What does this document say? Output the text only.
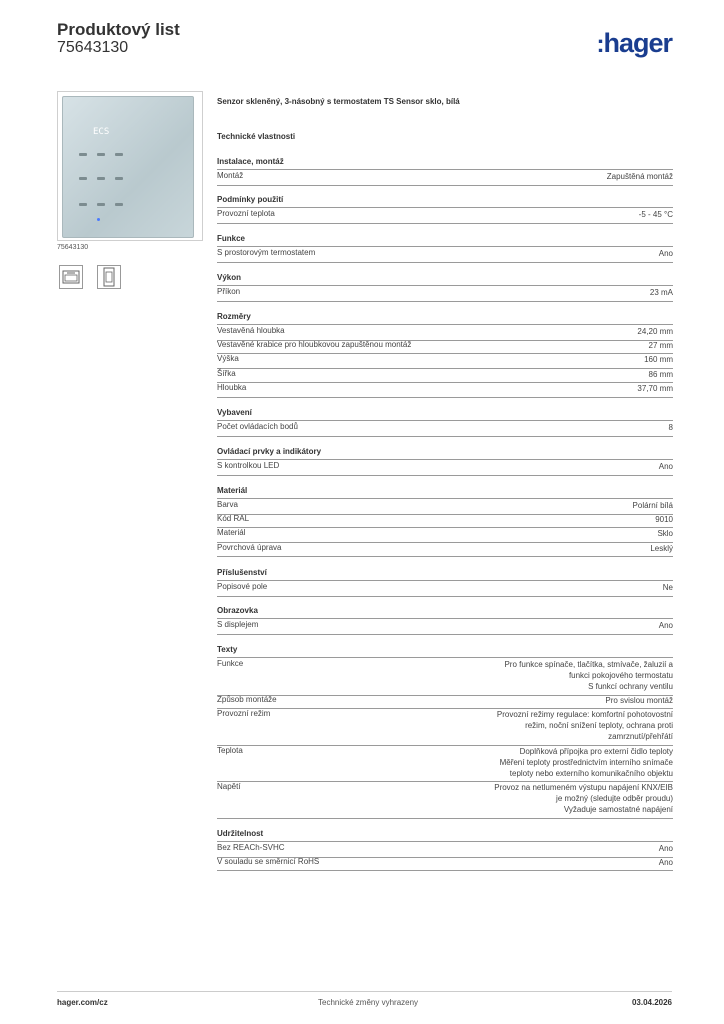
Produktový list
75643130	:hager
ECS
75643130
Senzor skleněný, 3-násobný s termostatem TS Sensor sklo, bílá
Technické vlastnosti
Instalace, montáž
Montáž	Zapuštěná montáž
Podmínky použití
Provozní teplota	-5 - 45 °C
Funkce
S prostorovým termostatem	Ano
Výkon
Příkon	23 mA
Rozměry
Vestavěná hloubka	24,20 mm
Vestavěné krabice pro hloubkovou zapuštěnou montáž	27 mm
Výška	160 mm
Šířka	86 mm
Hloubka	37,70 mm
Vybavení
Počet ovládacích bodů	8
Ovládací prvky a indikátory
S kontrolkou LED	Ano
Materiál
Barva	Polární bílá
Kód RAL	9010
Materiál	Sklo
Povrchová úprava	Lesklý
Příslušenství
Popisové pole	Ne
Obrazovka
S displejem	Ano
Texty
Funkce	Pro funkce spínače, tlačítka, stmívače, žaluzií a
funkci pokojového termostatu
S funkcí ochrany ventilu
Způsob montáže	Pro svislou montáž
Provozní režim	Provozní režimy regulace: komfortní pohotovostní
režim, noční snížení teploty, ochrana proti
zamrznutí/přehřátí
Teplota	Doplňková přípojka pro externí čidlo teploty
Měření teploty prostřednictvím interního snímače
teploty nebo externího komunikačního objektu
Napětí	Provoz na netlumeném výstupu napájení KNX/EIB
je možný (sledujte odběr proudu)
Vyžaduje samostatné napájení
Udržitelnost
Bez REACh-SVHC	Ano
V souladu se směrnicí RoHS	Ano
hager.com/cz	Technické změny vyhrazeny	03.04.2026
